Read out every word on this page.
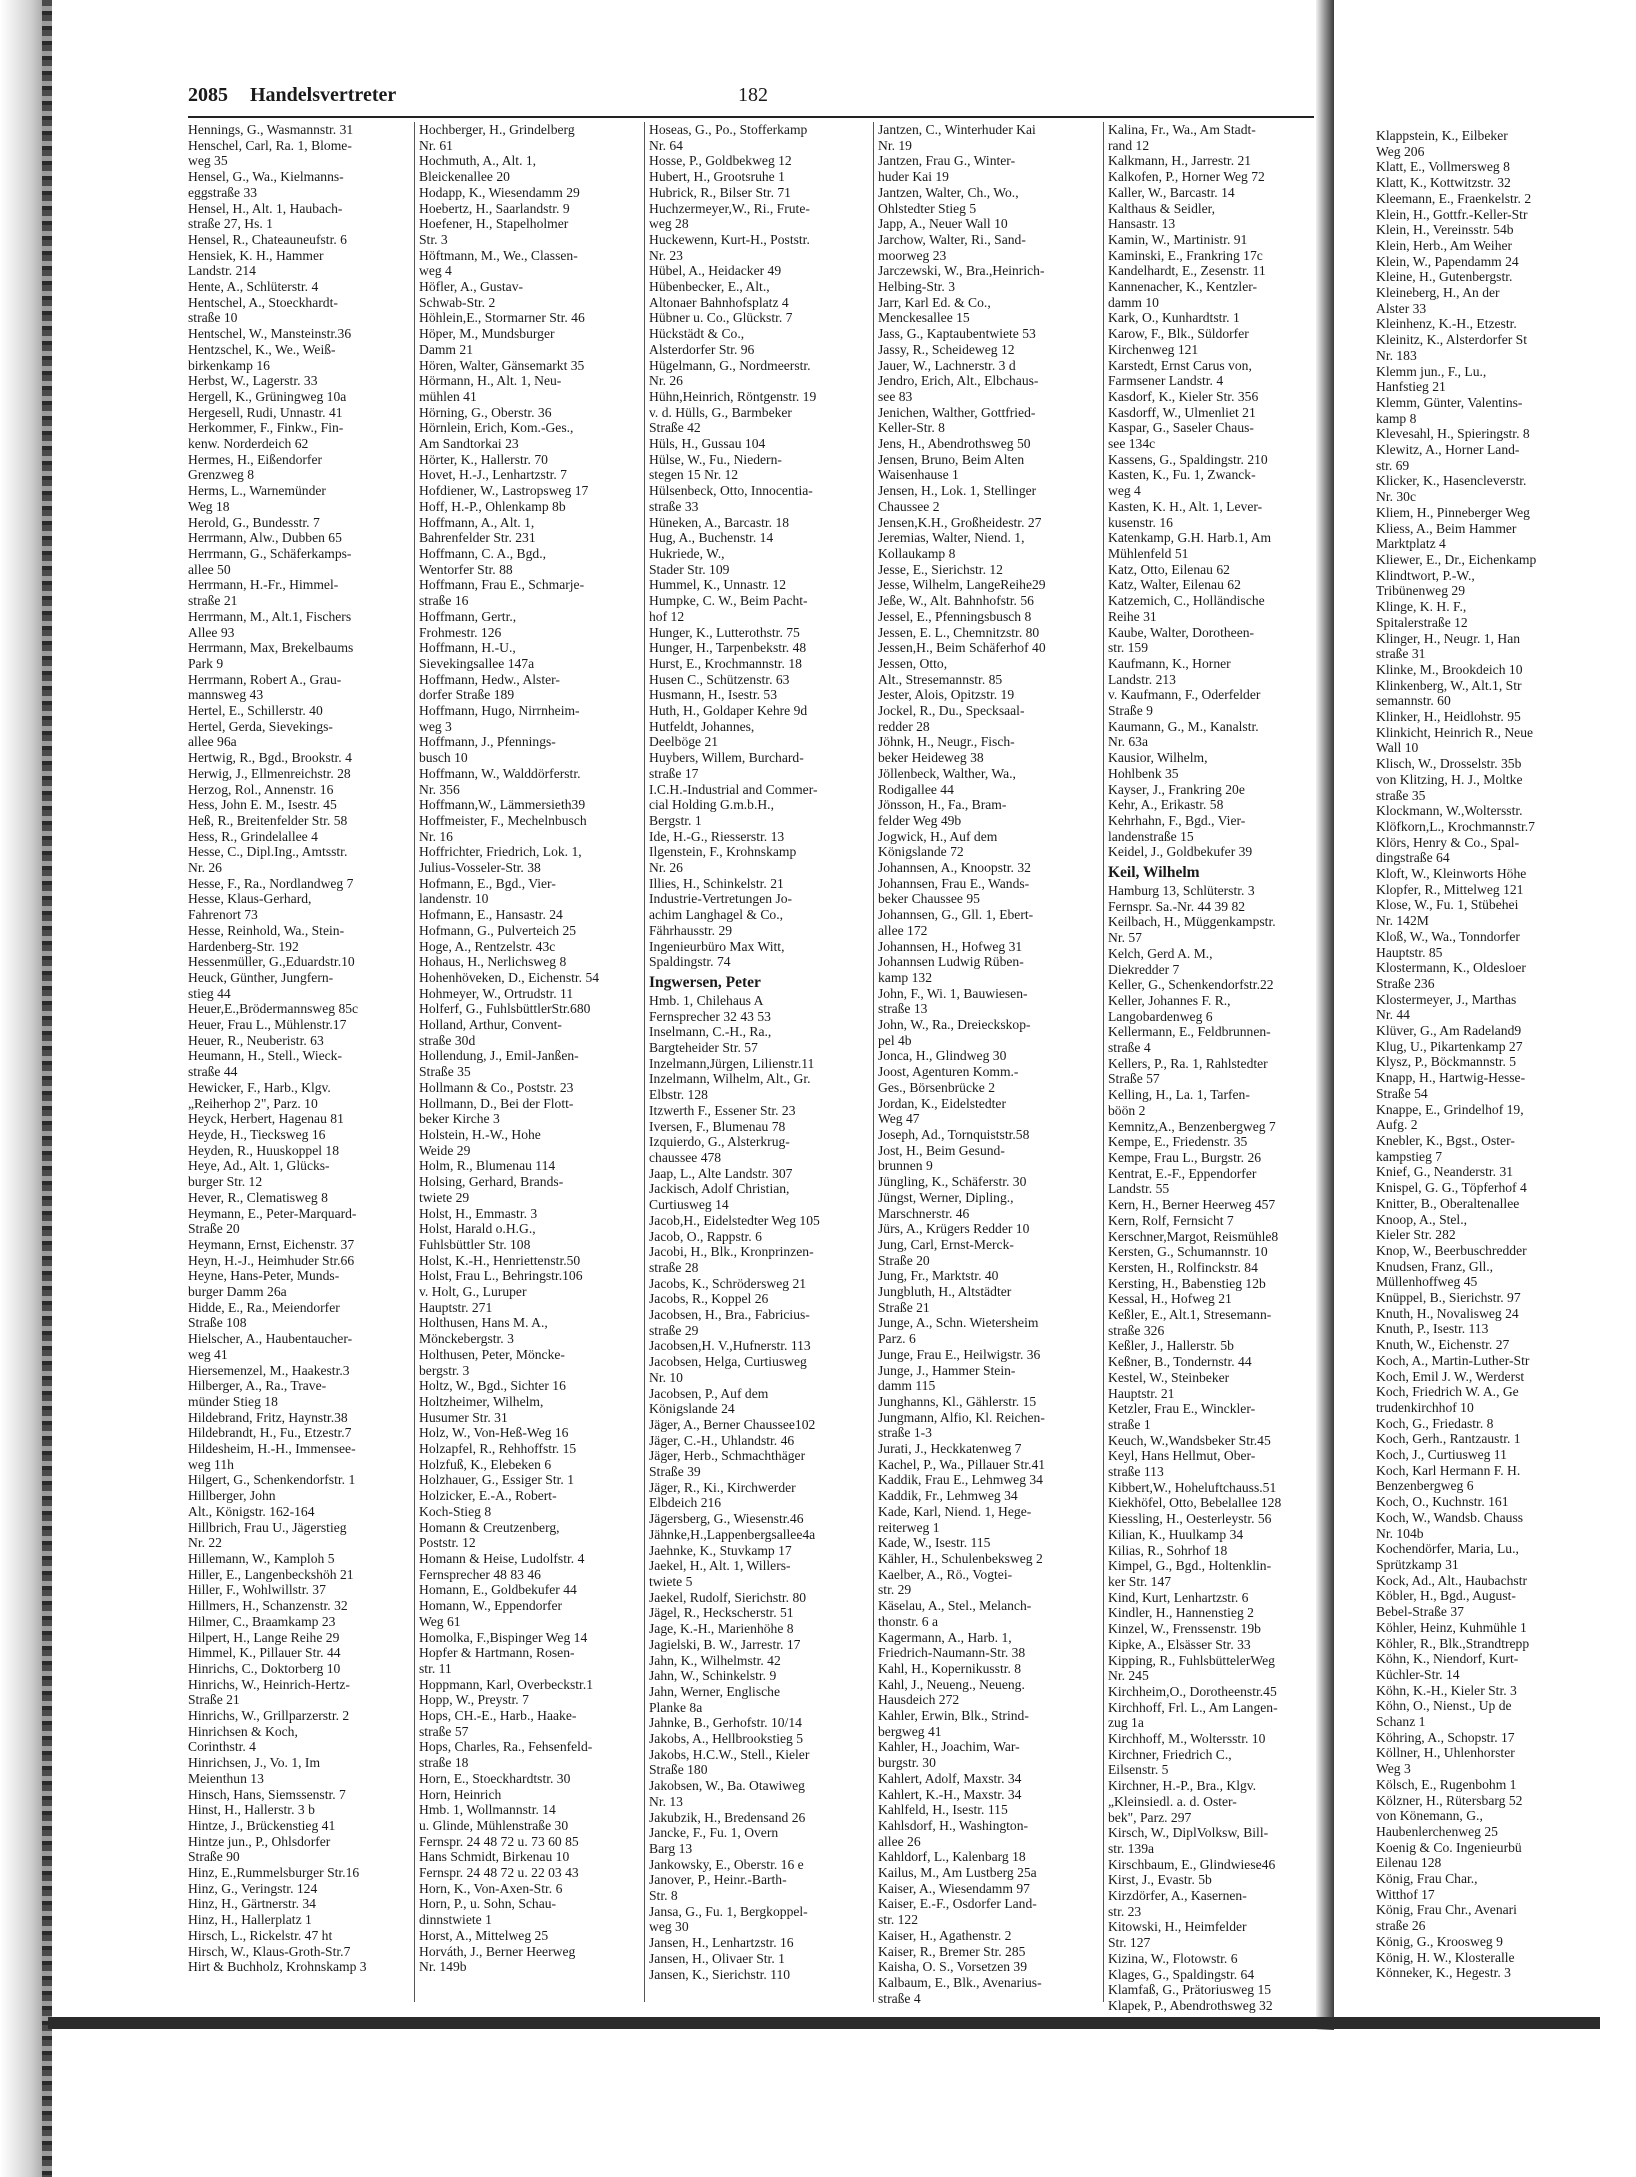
2085 Handelsvertreter	182
Hennings, G., Wasmannstr. 31
Henschel, Carl, Ra. 1, Blome-
weg 35
Hensel, G., Wa., Kielmanns-
eggstraße 33
Hensel, H., Alt. 1, Haubach-
straße 27, Hs. 1
Hensel, R., Chateauneufstr. 6
Hensiek, K. H., Hammer
Landstr. 214
Hente, A., Schlüterstr. 4
Hentschel, A., Stoeckhardt-
straße 10
Hentschel, W., Mansteinstr.36
Hentzschel, K., We., Weiß-
birkenkamp 16
Herbst, W., Lagerstr. 33
Hergell, K., Grüningweg 10a
Hergesell, Rudi, Unnastr. 41
Herkommer, F., Finkw., Fin-
kenw. Norderdeich 62
Hermes, H., Eißendorfer
Grenzweg 8
Herms, L., Warnemünder
Weg 18
Herold, G., Bundesstr. 7
Herrmann, Alw., Dubben 65
Herrmann, G., Schäferkamps-
allee 50
Herrmann, H.-Fr., Himmel-
straße 21
Herrmann, M., Alt.1, Fischers
Allee 93
Herrmann, Max, Brekelbaums
Park 9
Herrmann, Robert A., Grau-
mannsweg 43
Hertel, E., Schillerstr. 40
Hertel, Gerda, Sievekings-
allee 96a
Hertwig, R., Bgd., Brookstr. 4
Herwig, J., Ellmenreichstr. 28
Herzog, Rol., Annenstr. 16
Hess, John E. M., Isestr. 45
Heß, R., Breitenfelder Str. 58
Hess, R., Grindelallee 4
Hesse, C., Dipl.Ing., Amtsstr.
Nr. 26
Hesse, F., Ra., Nordlandweg 7
Hesse, Klaus-Gerhard,
Fahrenort 73
Hesse, Reinhold, Wa., Stein-
Hardenberg-Str. 192
Hessenmüller, G.,Eduardstr.10
Heuck, Günther, Jungfern-
stieg 44
Heuer,E.,Brödermannsweg 85c
Heuer, Frau L., Mühlenstr.17
Heuer, R., Neuberistr. 63
Heumann, H., Stell., Wieck-
straße 44
Hewicker, F., Harb., Klgv.
„Reiherhop 2", Parz. 10
Heyck, Herbert, Hagenau 81
Heyde, H., Tiecksweg 16
Heyden, R., Huuskoppel 18
Heye, Ad., Alt. 1, Glücks-
burger Str. 12
Hever, R., Clematisweg 8
Heymann, E., Peter-Marquard-
Straße 20
Heymann, Ernst, Eichenstr. 37
Heyn, H.-J., Heimhuder Str.66
Heyne, Hans-Peter, Munds-
burger Damm 26a
Hidde, E., Ra., Meiendorfer
Straße 108
Hielscher, A., Haubentaucher-
weg 41
Hiersemenzel, M., Haakestr.3
Hilberger, A., Ra., Trave-
münder Stieg 18
Hildebrand, Fritz, Haynstr.38
Hildebrandt, H., Fu., Etzestr.7
Hildesheim, H.-H., Immensee-
weg 11h
Hilgert, G., Schenkendorfstr. 1
Hillberger, John
Alt., Königstr. 162-164
Hillbrich, Frau U., Jägerstieg
Nr. 22
Hillemann, W., Kamploh 5
Hiller, E., Langenbeckshöh 21
Hiller, F., Wohlwillstr. 37
Hillmers, H., Schanzenstr. 32
Hilmer, C., Braamkamp 23
Hilpert, H., Lange Reihe 29
Himmel, K., Pillauer Str. 44
Hinrichs, C., Doktorberg 10
Hinrichs, W., Heinrich-Hertz-
Straße 21
Hinrichs, W., Grillparzerstr. 2
Hinrichsen & Koch,
Corinthstr. 4
Hinrichsen, J., Vo. 1, Im
Meienthun 13
Hinsch, Hans, Siemssenstr. 7
Hinst, H., Hallerstr. 3 b
Hintze, J., Brückenstieg 41
Hintze jun., P., Ohlsdorfer
Straße 90
Hinz, E.,Rummelsburger Str.16
Hinz, G., Veringstr. 124
Hinz, H., Gärtnerstr. 34
Hinz, H., Hallerplatz 1
Hirsch, L., Rickelstr. 47 ht
Hirsch, W., Klaus-Groth-Str.7
Hirt & Buchholz, Krohnskamp 3
Hochberger, H., Grindelberg
Nr. 61
Hochmuth, A., Alt. 1,
Bleickenallee 20
Hodapp, K., Wiesendamm 29
Hoebertz, H., Saarlandstr. 9
Hoefener, H., Stapelholmer
Str. 3
Höftmann, M., We., Classen-
weg 4
Höfler, A., Gustav-
Schwab-Str. 2
Höhlein,E., Stormarner Str. 46
Höper, M., Mundsburger
Damm 21
Hören, Walter, Gänsemarkt 35
Hörmann, H., Alt. 1, Neu-
mühlen 41
Hörning, G., Oberstr. 36
Hörnlein, Erich, Kom.-Ges.,
Am Sandtorkai 23
Hörter, K., Hallerstr. 70
Hovet, H.-J., Lenhartzstr. 7
Hofdiener, W., Lastropsweg 17
Hoff, H.-P., Ohlenkamp 8b
Hoffmann, A., Alt. 1,
Bahrenfelder Str. 231
Hoffmann, C. A., Bgd.,
Wentorfer Str. 88
Hoffmann, Frau E., Schmarje-
straße 16
Hoffmann, Gertr.,
Frohmestr. 126
Hoffmann, H.-U.,
Sievekingsallee 147a
Hoffmann, Hedw., Alster-
dorfer Straße 189
Hoffmann, Hugo, Nirrnheim-
weg 3
Hoffmann, J., Pfennings-
busch 10
Hoffmann, W., Walddörferstr.
Nr. 356
Hoffmann,W., Lämmersieth39
Hoffmeister, F., Mechelnbusch
Nr. 16
Hoffrichter, Friedrich, Lok. 1,
Julius-Vosseler-Str. 38
Hofmann, E., Bgd., Vier-
landenstr. 10
Hofmann, E., Hansastr. 24
Hofmann, G., Pulverteich 25
Hoge, A., Rentzelstr. 43c
Hohaus, H., Nerlichsweg 8
Hohenhöveken, D., Eichenstr. 54
Hohmeyer, W., Ortrudstr. 11
Holferf, G., FuhlsbüttlerStr.680
Holland, Arthur, Convent-
straße 30d
Hollendung, J., Emil-Janßen-
Straße 35
Hollmann & Co., Poststr. 23
Hollmann, D., Bei der Flott-
beker Kirche 3
Holstein, H.-W., Hohe
Weide 29
Holm, R., Blumenau 114
Holsing, Gerhard, Brands-
twiete 29
Holst, H., Emmastr. 3
Holst, Harald o.H.G.,
Fuhlsbüttler Str. 108
Holst, K.-H., Henriettenstr.50
Holst, Frau L., Behringstr.106
v. Holt, G., Luruper
Hauptstr. 271
Holthusen, Hans M. A.,
Mönckebergstr. 3
Holthusen, Peter, Möncke-
bergstr. 3
Holtz, W., Bgd., Sichter 16
Holtzheimer, Wilhelm,
Husumer Str. 31
Holz, W., Von-Heß-Weg 16
Holzapfel, R., Rehhoffstr. 15
Holzfuß, K., Elebeken 6
Holzhauer, G., Essiger Str. 1
Holzicker, E.-A., Robert-
Koch-Stieg 8
Homann & Creutzenberg,
Poststr. 12
Homann & Heise, Ludolfstr. 4
Fernsprecher 48 83 46
Homann, E., Goldbekufer 44
Homann, W., Eppendorfer
Weg 61
Homolka, F.,Bispinger Weg 14
Hopfer & Hartmann, Rosen-
str. 11
Hoppmann, Karl, Overbeckstr.1
Hopp, W., Preystr. 7
Hops, CH.-E., Harb., Haake-
straße 57
Hops, Charles, Ra., Fehsenfeld-
straße 18
Horn, E., Stoeckhardtstr. 30
Horn, Heinrich
Hmb. 1, Wollmannstr. 14
u. Glinde, Mühlenstraße 30
Fernspr. 24 48 72 u. 73 60 85
Hans Schmidt, Birkenau 10
Fernspr. 24 48 72 u. 22 03 43
Horn, K., Von-Axen-Str. 6
Horn, P., u. Sohn, Schau-
dinnstwiete 1
Horst, A., Mittelweg 25
Horváth, J., Berner Heerweg
Nr. 149b
Hoseas, G., Po., Stofferkamp
Nr. 64
Hosse, P., Goldbekweg 12
Hubert, H., Grootsruhe 1
Hubrick, R., Bilser Str. 71
Huchzermeyer,W., Ri., Frute-
weg 28
Huckewenn, Kurt-H., Poststr.
Nr. 23
Hübel, A., Heidacker 49
Hübenbecker, E., Alt.,
Altonaer Bahnhofsplatz 4
Hübner u. Co., Glückstr. 7
Hückstädt & Co.,
Alsterdorfer Str. 96
Hügelmann, G., Nordmeerstr.
Nr. 26
Hühn,Heinrich, Röntgenstr. 19
v. d. Hülls, G., Barmbeker
Straße 42
Hüls, H., Gussau 104
Hülse, W., Fu., Niedern-
stegen 15 Nr. 12
Hülsenbeck, Otto, Innocentia-
straße 33
Hüneken, A., Barcastr. 18
Hug, A., Buchenstr. 14
Hukriede, W.,
Stader Str. 109
Hummel, K., Unnastr. 12
Humpke, C. W., Beim Pacht-
hof 12
Hunger, K., Lutterothstr. 75
Hunger, H., Tarpenbekstr. 48
Hurst, E., Krochmannstr. 18
Husen C., Schützenstr. 63
Husmann, H., Isestr. 53
Huth, H., Goldaper Kehre 9d
Hutfeldt, Johannes,
Deelböge 21
Huybers, Willem, Burchard-
straße 17
I.C.H.-Industrial and Commer-
cial Holding G.m.b.H.,
Bergstr. 1
Ide, H.-G., Riesserstr. 13
Ilgenstein, F., Krohnskamp
Nr. 26
Illies, H., Schinkelstr. 21
Industrie-Vertretungen Jo-
achim Langhagel & Co.,
Fährhausstr. 29
Ingenieurbüro Max Witt,
Spaldingstr. 74
Ingwersen, Peter
Hmb. 1, Chilehaus A
Fernsprecher 32 43 53
Inselmann, C.-H., Ra.,
Bargteheider Str. 57
Inzelmann,Jürgen, Lilienstr.11
Inzelmann, Wilhelm, Alt., Gr.
Elbstr. 128
Itzwerth F., Essener Str. 23
Iversen, F., Blumenau 78
Izquierdo, G., Alsterkrug-
chaussee 478
Jaap, L., Alte Landstr. 307
Jackisch, Adolf Christian,
Curtiusweg 14
Jacob,H., Eidelstedter Weg 105
Jacob, O., Rappstr. 6
Jacobi, H., Blk., Kronprinzen-
straße 28
Jacobs, K., Schrödersweg 21
Jacobs, R., Koppel 26
Jacobsen, H., Bra., Fabricius-
straße 29
Jacobsen,H. V.,Hufnerstr. 113
Jacobsen, Helga, Curtiusweg
Nr. 10
Jacobsen, P., Auf dem
Königslande 24
Jäger, A., Berner Chaussee102
Jäger, C.-H., Uhlandstr. 46
Jäger, Herb., Schmachthäger
Straße 39
Jäger, R., Ki., Kirchwerder
Elbdeich 216
Jägersberg, G., Wiesenstr.46
Jähnke,H.,Lappenbergsallee4a
Jaehnke, K., Stuvkamp 17
Jaekel, H., Alt. 1, Willers-
twiete 5
Jaekel, Rudolf, Sierichstr. 80
Jägel, R., Heckscherstr. 51
Jage, K.-H., Marienhöhe 8
Jagielski, B. W., Jarrestr. 17
Jahn, K., Wilhelmstr. 42
Jahn, W., Schinkelstr. 9
Jahn, Werner, Englische
Planke 8a
Jahnke, B., Gerhofstr. 10/14
Jakobs, A., Hellbrookstieg 5
Jakobs, H.C.W., Stell., Kieler
Straße 180
Jakobsen, W., Ba. Otawiweg
Nr. 13
Jakubzik, H., Bredensand 26
Jancke, F., Fu. 1, Overn
Barg 13
Jankowsky, E., Oberstr. 16 e
Janover, P., Heinr.-Barth-
Str. 8
Jansa, G., Fu. 1, Bergkoppel-
weg 30
Jansen, H., Lenhartzstr. 16
Jansen, H., Olivaer Str. 1
Jansen, K., Sierichstr. 110
Jantzen, C., Winterhuder Kai
Nr. 19
Jantzen, Frau G., Winter-
huder Kai 19
Jantzen, Walter, Ch., Wo.,
Ohlstedter Stieg 5
Japp, A., Neuer Wall 10
Jarchow, Walter, Ri., Sand-
moorweg 23
Jarczewski, W., Bra.,Heinrich-
Helbing-Str. 3
Jarr, Karl Ed. & Co.,
Menckesallee 15
Jass, G., Kaptaubentwiete 53
Jassy, R., Scheideweg 12
Jauer, W., Lachnerstr. 3 d
Jendro, Erich, Alt., Elbchaus-
see 83
Jenichen, Walther, Gottfried-
Keller-Str. 8
Jens, H., Abendrothsweg 50
Jensen, Bruno, Beim Alten
Waisenhause 1
Jensen, H., Lok. 1, Stellinger
Chaussee 2
Jensen,K.H., Großheidestr. 27
Jeremias, Walter, Niend. 1,
Kollaukamp 8
Jesse, E., Sierichstr. 12
Jesse, Wilhelm, LangeReihe29
Jeße, W., Alt. Bahnhofstr. 56
Jessel, E., Pfenningsbusch 8
Jessen, E. L., Chemnitzstr. 80
Jessen,H., Beim Schäferhof 40
Jessen, Otto,
Alt., Stresemannstr. 85
Jester, Alois, Opitzstr. 19
Jockel, R., Du., Specksaal-
redder 28
Jöhnk, H., Neugr., Fisch-
beker Heideweg 38
Jöllenbeck, Walther, Wa.,
Rodigallee 44
Jönsson, H., Fa., Bram-
felder Weg 49b
Jogwick, H., Auf dem
Königslande 72
Johannsen, A., Knoopstr. 32
Johannsen, Frau E., Wands-
beker Chaussee 95
Johannsen, G., Gll. 1, Ebert-
allee 172
Johannsen, H., Hofweg 31
Johannsen Ludwig Rüben-
kamp 132
John, F., Wi. 1, Bauwiesen-
straße 13
John, W., Ra., Dreieckskop-
pel 4b
Jonca, H., Glindweg 30
Joost, Agenturen Komm.-
Ges., Börsenbrücke 2
Jordan, K., Eidelstedter
Weg 47
Joseph, Ad., Tornquiststr.58
Jost, H., Beim Gesund-
brunnen 9
Jüngling, K., Schäferstr. 30
Jüngst, Werner, Dipling.,
Marschnerstr. 46
Jürs, A., Krügers Redder 10
Jung, Carl, Ernst-Merck-
Straße 20
Jung, Fr., Marktstr. 40
Jungbluth, H., Altstädter
Straße 21
Junge, A., Schn. Wietersheim
Parz. 6
Junge, Frau E., Heilwigstr. 36
Junge, J., Hammer Stein-
damm 115
Junghanns, Kl., Gählerstr. 15
Jungmann, Alfio, Kl. Reichen-
straße 1-3
Jurati, J., Heckkatenweg 7
Kachel, P., Wa., Pillauer Str.41
Kaddik, Frau E., Lehmweg 34
Kaddik, Fr., Lehmweg 34
Kade, Karl, Niend. 1, Hege-
reiterweg 1
Kade, W., Isestr. 115
Kähler, H., Schulenbeksweg 2
Kaelber, A., Rö., Vogtei-
str. 29
Käselau, A., Stel., Melanch-
thonstr. 6 a
Kagermann, A., Harb. 1,
Friedrich-Naumann-Str. 38
Kahl, H., Kopernikusstr. 8
Kahl, J., Neueng., Neueng.
Hausdeich 272
Kahler, Erwin, Blk., Strind-
bergweg 41
Kahler, H., Joachim, War-
burgstr. 30
Kahlert, Adolf, Maxstr. 34
Kahlert, K.-H., Maxstr. 34
Kahlfeld, H., Isestr. 115
Kahlsdorf, H., Washington-
allee 26
Kahldorf, L., Kalenbarg 18
Kailus, M., Am Lustberg 25a
Kaiser, A., Wiesendamm 97
Kaiser, E.-F., Osdorfer Land-
str. 122
Kaiser, H., Agathenstr. 2
Kaiser, R., Bremer Str. 285
Kaisha, O. S., Vorsetzen 39
Kalbaum, E., Blk., Avenarius-
straße 4
Kalina, Fr., Wa., Am Stadt-
rand 12
Kalkmann, H., Jarrestr. 21
Kalkofen, P., Horner Weg 72
Kaller, W., Barcastr. 14
Kalthaus & Seidler,
Hansastr. 13
Kamin, W., Martinistr. 91
Kaminski, E., Frankring 17c
Kandelhardt, E., Zesenstr. 11
Kannenacher, K., Kentzler-
damm 10
Kark, O., Kunhardtstr. 1
Karow, F., Blk., Süldorfer
Kirchenweg 121
Karstedt, Ernst Carus von,
Farmsener Landstr. 4
Kasdorf, K., Kieler Str. 356
Kasdorff, W., Ulmenliet 21
Kaspar, G., Saseler Chaus-
see 134c
Kassens, G., Spaldingstr. 210
Kasten, K., Fu. 1, Zwanck-
weg 4
Kasten, K. H., Alt. 1, Lever-
kusenstr. 16
Katenkamp, G.H. Harb.1, Am
Mühlenfeld 51
Katz, Otto, Eilenau 62
Katz, Walter, Eilenau 62
Katzemich, C., Holländische
Reihe 31
Kaube, Walter, Dorotheen-
str. 159
Kaufmann, K., Horner
Landstr. 213
v. Kaufmann, F., Oderfelder
Straße 9
Kaumann, G., M., Kanalstr.
Nr. 63a
Kausior, Wilhelm,
Hohlbenk 35
Kayser, J., Frankring 20e
Kehr, A., Erikastr. 58
Kehrhahn, F., Bgd., Vier-
landenstraße 15
Keidel, J., Goldbekufer 39
Keil, Wilhelm
Hamburg 13, Schlüterstr. 3
Fernspr. Sa.-Nr. 44 39 82
Keilbach, H., Müggenkampstr.
Nr. 57
Kelch, Gerd A. M.,
Diekredder 7
Keller, G., Schenkendorfstr.22
Keller, Johannes F. R.,
Langobardenweg 6
Kellermann, E., Feldbrunnen-
straße 4
Kellers, P., Ra. 1, Rahlstedter
Straße 57
Kelling, H., La. 1, Tarfen-
böön 2
Kemnitz,A., Benzenbergweg 7
Kempe, E., Friedenstr. 35
Kempe, Frau L., Burgstr. 26
Kentrat, E.-F., Eppendorfer
Landstr. 55
Kern, H., Berner Heerweg 457
Kern, Rolf, Fernsicht 7
Kerschner,Margot, Reismühle8
Kersten, G., Schumannstr. 10
Kersten, H., Rolfinckstr. 84
Kersting, H., Babenstieg 12b
Kessal, H., Hofweg 21
Keßler, E., Alt.1, Stresemann-
straße 326
Keßler, J., Hallerstr. 5b
Keßner, B., Tondernstr. 44
Kestel, W., Steinbeker
Hauptstr. 21
Ketzler, Frau E., Winckler-
straße 1
Keuch, W.,Wandsbeker Str.45
Keyl, Hans Hellmut, Ober-
straße 113
Kibbert,W., Hoheluftchauss.51
Kiekhöfel, Otto, Bebelallee 128
Kiessling, H., Oesterleystr. 56
Kilian, K., Huulkamp 34
Kilias, R., Sohrhof 18
Kimpel, G., Bgd., Holtenklin-
ker Str. 147
Kind, Kurt, Lenhartzstr. 6
Kindler, H., Hannenstieg 2
Kinzel, W., Frenssenstr. 19b
Kipke, A., Elsässer Str. 33
Kipping, R., FuhlsbüttelerWeg
Nr. 245
Kirchheim,O., Dorotheenstr.45
Kirchhoff, Frl. L., Am Langen-
zug 1a
Kirchhoff, M., Woltersstr. 10
Kirchner, Friedrich C.,
Eilsenstr. 5
Kirchner, H.-P., Bra., Klgv.
„Kleinsiedl. a. d. Oster-
bek", Parz. 297
Kirsch, W., DiplVolksw, Bill-
str. 139a
Kirschbaum, E., Glindwiese46
Kirst, J., Evastr. 5b
Kirzdörfer, A., Kasernen-
str. 23
Kitowski, H., Heimfelder
Str. 127
Kizina, W., Flotowstr. 6
Klages, G., Spaldingstr. 64
Klamfaß, G., Prätoriusweg 15
Klapek, P., Abendrothsweg 32
Klappstein, K., Eilbeker
Weg 206
Klatt, E., Vollmersweg 8
Klatt, K., Kottwitzstr. 32
Kleemann, E., Fraenkelstr. 2
Klein, H., Gottfr.-Keller-Str
Klein, H., Vereinsstr. 54b
Klein, Herb., Am Weiher
Klein, W., Papendamm 24
Kleine, H., Gutenbergstr.
Kleineberg, H., An der
Alster 33
Kleinhenz, K.-H., Etzestr.
Kleinitz, K., Alsterdorfer St
Nr. 183
Klemm jun., F., Lu.,
Hanfstieg 21
Klemm, Günter, Valentins-
kamp 8
Klevesahl, H., Spieringstr. 8
Klewitz, A., Horner Land-
str. 69
Klicker, K., Hasencleverstr.
Nr. 30c
Kliem, H., Pinneberger Weg
Kliess, A., Beim Hammer
Marktplatz 4
Kliewer, E., Dr., Eichenkamp
Klindtwort, P.-W.,
Tribünenweg 29
Klinge, K. H. F.,
Spitalerstraße 12
Klinger, H., Neugr. 1, Han
straße 31
Klinke, M., Brookdeich 10
Klinkenberg, W., Alt.1, Str
semannstr. 60
Klinker, H., Heidlohstr. 95
Klinkicht, Heinrich R., Neue
Wall 10
Klisch, W., Drosselstr. 35b
von Klitzing, H. J., Moltke
straße 35
Klockmann, W.,Woltersstr.
Klöfkorn,L., Krochmannstr.7
Klörs, Henry & Co., Spal-
dingstraße 64
Kloft, W., Kleinworts Höhe
Klopfer, R., Mittelweg 121
Klose, W., Fu. 1, Stübehei
Nr. 142M
Kloß, W., Wa., Tonndorfer
Hauptstr. 85
Klostermann, K., Oldesloer
Straße 236
Klostermeyer, J., Marthas
Nr. 44
Klüver, G., Am Radeland9
Klug, U., Pikartenkamp 27
Klysz, P., Böckmannstr. 5
Knapp, H., Hartwig-Hesse-
Straße 54
Knappe, E., Grindelhof 19,
Aufg. 2
Knebler, K., Bgst., Oster-
kampstieg 7
Knief, G., Neanderstr. 31
Knispel, G. G., Töpferhof 4
Knitter, B., Oberaltenallee
Knoop, A., Stel.,
Kieler Str. 282
Knop, W., Beerbuschredder
Knudsen, Franz, Gll.,
Müllenhoffweg 45
Knüppel, B., Sierichstr. 97
Knuth, H., Novalisweg 24
Knuth, P., Isestr. 113
Knuth, W., Eichenstr. 27
Koch, A., Martin-Luther-Str
Koch, Emil J. W., Werderst
Koch, Friedrich W. A., Ge
trudenkirchhof 10
Koch, G., Friedastr. 8
Koch, Gerh., Rantzaustr. 1
Koch, J., Curtiusweg 11
Koch, Karl Hermann F. H.
Benzenbergweg 6
Koch, O., Kuchnstr. 161
Koch, W., Wandsb. Chauss
Nr. 104b
Kochendörfer, Maria, Lu.,
Sprützkamp 31
Kock, Ad., Alt., Haubachstr
Köbler, H., Bgd., August-
Bebel-Straße 37
Köhler, Heinz, Kuhmühle 1
Köhler, R., Blk.,Strandtrepp
Köhn, K., Niendorf, Kurt-
Küchler-Str. 14
Köhn, K.-H., Kieler Str. 3
Köhn, O., Nienst., Up de
Schanz 1
Köhring, A., Schopstr. 17
Köllner, H., Uhlenhorster
Weg 3
Kölsch, E., Rugenbohm 1
Kölzner, H., Rütersbarg 52
von Könemann, G.,
Haubenlerchenweg 25
Koenig & Co. Ingenieurbü
Eilenau 128
König, Frau Char.,
Witthof 17
König, Frau Chr., Avenari
straße 26
König, G., Kroosweg 9
König, H. W., Klosteralle
Könneker, K., Hegestr. 3
